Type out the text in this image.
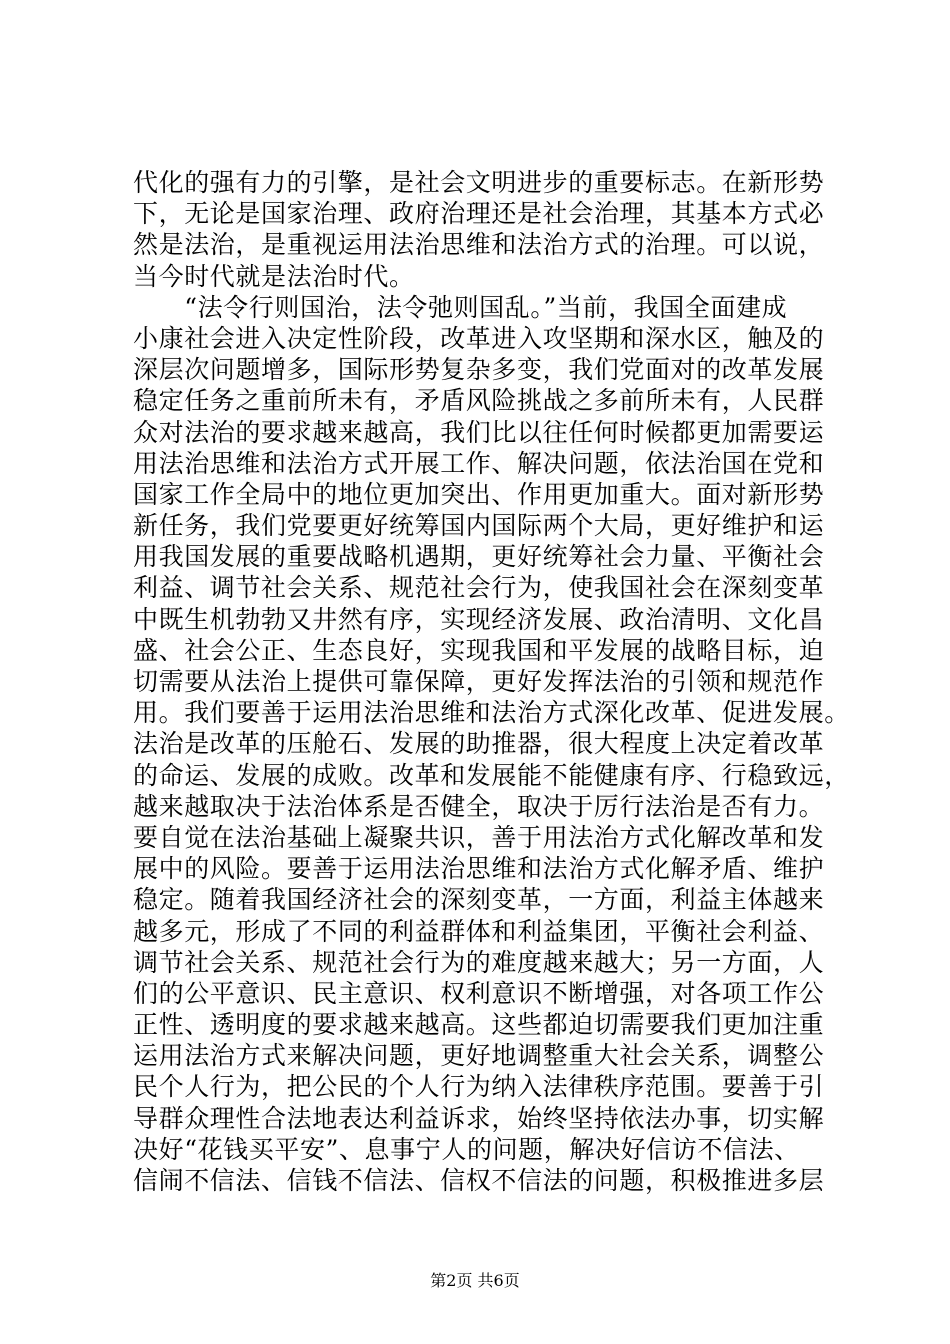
代化的强有力的引擎，是社会文明进步的重要标志。在新形势
下，无论是国家治理、政府治理还是社会治理，其基本方式必
然是法治，是重视运用法治思维和法治方式的治理。可以说，
当今时代就是法治时代。
　　“法令行则国治，法令弛则国乱。”当前，我国全面建成
小康社会进入决定性阶段，改革进入攻坚期和深水区，触及的
深层次问题增多，国际形势复杂多变，我们党面对的改革发展
稳定任务之重前所未有，矛盾风险挑战之多前所未有，人民群
众对法治的要求越来越高，我们比以往任何时候都更加需要运
用法治思维和法治方式开展工作、解决问题，依法治国在党和
国家工作全局中的地位更加突出、作用更加重大。面对新形势
新任务，我们党要更好统筹国内国际两个大局，更好维护和运
用我国发展的重要战略机遇期，更好统筹社会力量、平衡社会
利益、调节社会关系、规范社会行为，使我国社会在深刻变革
中既生机勃勃又井然有序，实现经济发展、政治清明、文化昌
盛、社会公正、生态良好，实现我国和平发展的战略目标，迫
切需要从法治上提供可靠保障，更好发挥法治的引领和规范作
用。我们要善于运用法治思维和法治方式深化改革、促进发展。
法治是改革的压舱石、发展的助推器，很大程度上决定着改革
的命运、发展的成败。改革和发展能不能健康有序、行稳致远，
越来越取决于法治体系是否健全，取决于厉行法治是否有力。
要自觉在法治基础上凝聚共识，善于用法治方式化解改革和发
展中的风险。要善于运用法治思维和法治方式化解矛盾、维护
稳定。随着我国经济社会的深刻变革，一方面，利益主体越来
越多元，形成了不同的利益群体和利益集团，平衡社会利益、
调节社会关系、规范社会行为的难度越来越大；另一方面，人
们的公平意识、民主意识、权利意识不断增强，对各项工作公
正性、透明度的要求越来越高。这些都迫切需要我们更加注重
运用法治方式来解决问题，更好地调整重大社会关系，调整公
民个人行为，把公民的个人行为纳入法律秩序范围。要善于引
导群众理性合法地表达利益诉求，始终坚持依法办事，切实解
决好“花钱买平安”、息事宁人的问题，解决好信访不信法、
信闹不信法、信钱不信法、信权不信法的问题，积极推进多层
第2页 共6页
